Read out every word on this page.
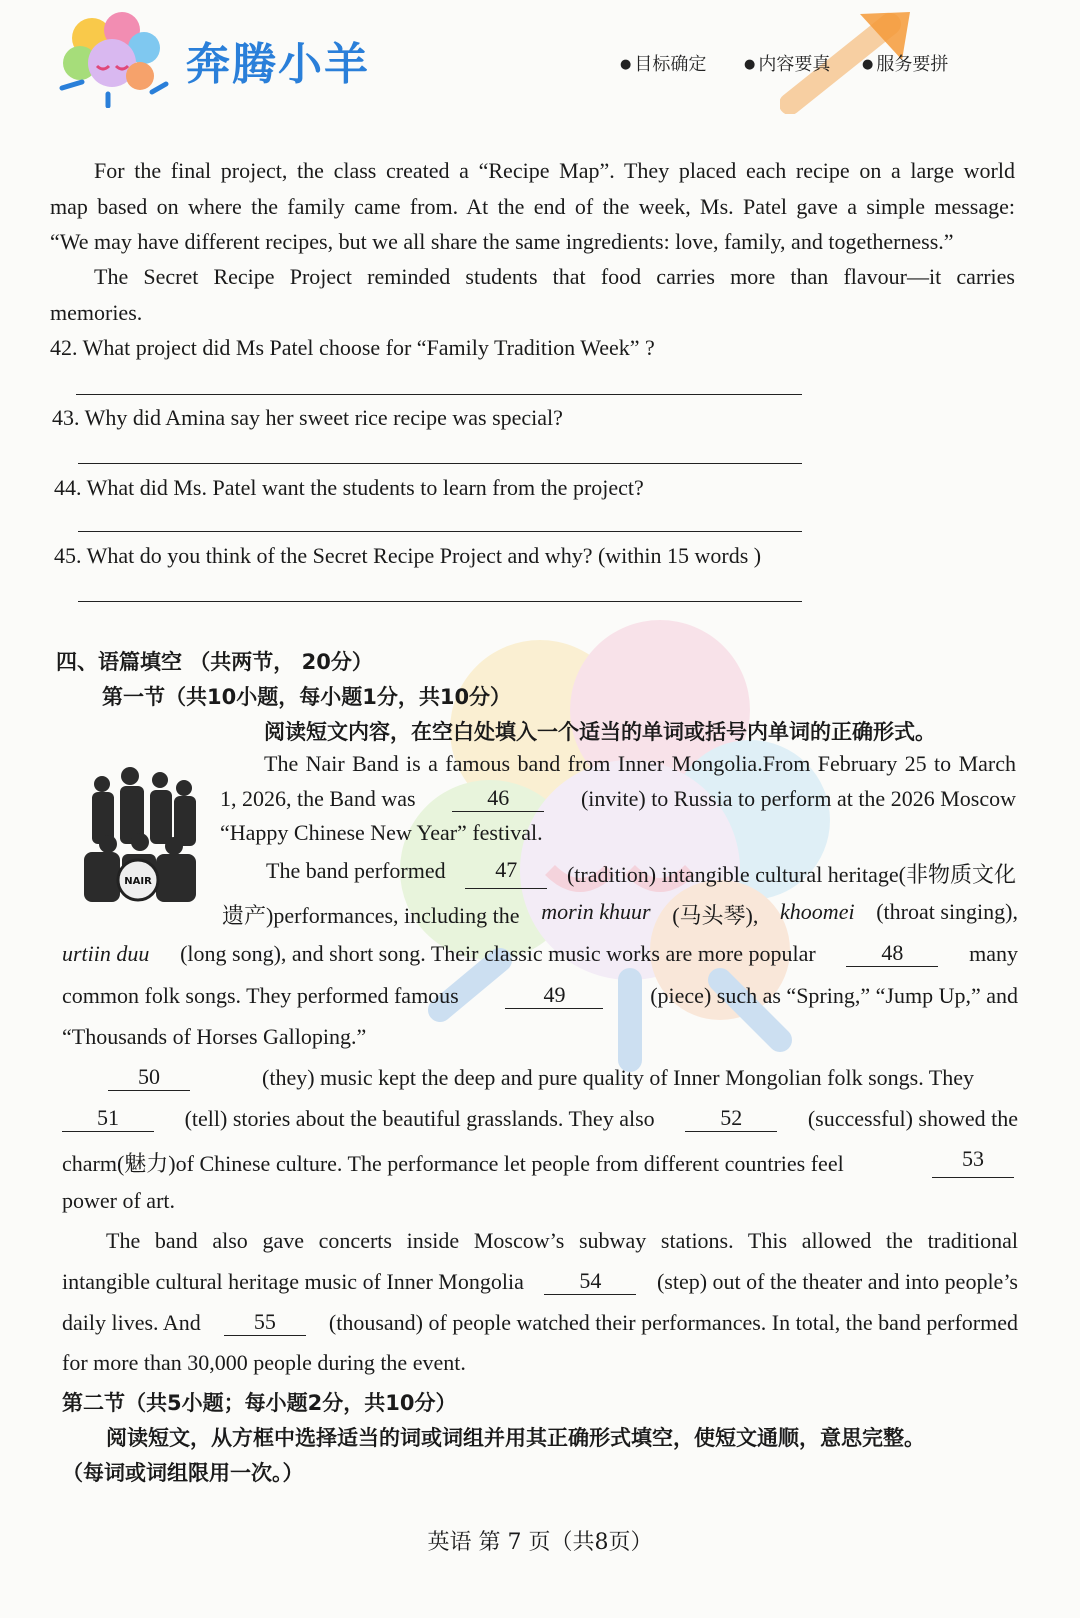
奔腾小羊	● 目标确定	● 内容要真	● 服务要拼
For the final project, the class created a “Recipe Map”. They placed each recipe on a large world
map based on where the family came from. At the end of the week, Ms. Patel gave a simple message:
“We may have different recipes, but we all share the same ingredients: love, family, and togetherness.”
The Secret Recipe Project reminded students that food carries more than flavour—it carries
memories.
42. What project did Ms Patel choose for “Family Tradition Week” ?
43. Why did Amina say her sweet rice recipe was special?
44. What did Ms. Patel want the students to learn from the project?
45. What do you think of the Secret Recipe Project and why? (within 15 words )
四、语篇填空 （共两节， 20分）
第一节（共10小题，每小题1分，共10分）
阅读短文内容，在空白处填入一个适当的单词或括号内单词的正确形式。
NAIR
The Nair Band is a famous band from Inner Mongolia.From February 25 to March
1, 2026, the Band was	46	(invite) to Russia to perform at the 2026 Moscow
“Happy Chinese New Year” festival.
The band performed	47	(tradition) intangible cultural heritage(非物质文化
遗产)performances, including the morin khuur (马头琴), khoomei (throat singing),
urtiin duu (long song), and short song. Their classic music works are more popular	48	many
common folk songs. They performed famous	49	(piece) such as “Spring,” “Jump Up,” and
“Thousands of Horses Galloping.”
50	(they) music kept the deep and pure quality of Inner Mongolian folk songs. They
51	(tell) stories about the beautiful grasslands. They also	52	(successful) showed the
charm(魅力)of Chinese culture. The performance let people from different countries feel	53
power of art.
The band also gave concerts inside Moscow’s subway stations. This allowed the traditional
intangible cultural heritage music of Inner Mongolia	54	(step) out of the theater and into people’s
daily lives. And	55	(thousand) of people watched their performances. In total, the band performed
for more than 30,000 people during the event.
第二节（共5小题；每小题2分，共10分）
阅读短文，从方框中选择适当的词或词组并用其正确形式填空，使短文通顺，意思完整。
（每词或词组限用一次。）
英语 第 7 页（共8页）
